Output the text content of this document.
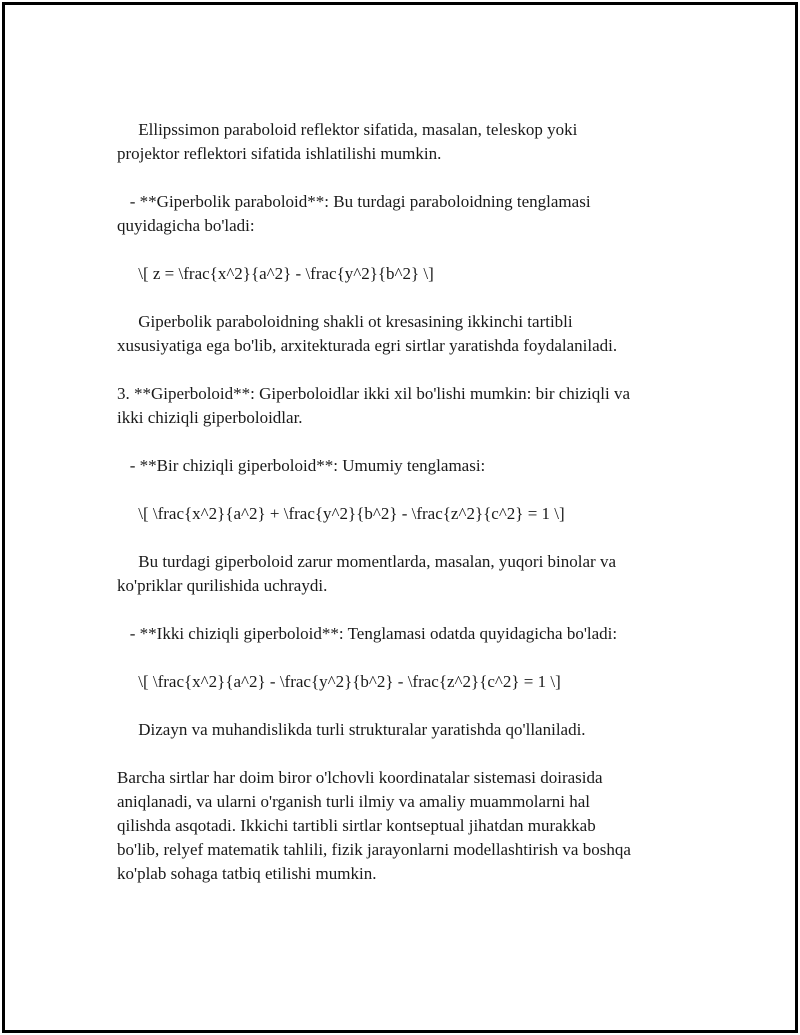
Ellipssimon paraboloid reflektor sifatida, masalan, teleskop yoki
projektor reflektori sifatida ishlatilishi mumkin.

- **Giperbolik paraboloid**: Bu turdagi paraboloidning tenglamasi
quyidagicha bo'ladi:

\[ z = \frac{x^2}{a^2} - \frac{y^2}{b^2} \]

Giperbolik paraboloidning shakli ot kresasining ikkinchi tartibli
xususiyatiga ega bo'lib, arxitekturada egri sirtlar yaratishda foydalaniladi.

3. **Giperboloid**: Giperboloidlar ikki xil bo'lishi mumkin: bir chiziqli va
ikki chiziqli giperboloidlar.

- **Bir chiziqli giperboloid**: Umumiy tenglamasi:

\[ \frac{x^2}{a^2} + \frac{y^2}{b^2} - \frac{z^2}{c^2} = 1 \]

Bu turdagi giperboloid zarur momentlarda, masalan, yuqori binolar va
ko'priklar qurilishida uchraydi.

- **Ikki chiziqli giperboloid**: Tenglamasi odatda quyidagicha bo'ladi:

\[ \frac{x^2}{a^2} - \frac{y^2}{b^2} - \frac{z^2}{c^2} = 1 \]

Dizayn va muhandislikda turli strukturalar yaratishda qo'llaniladi.

Barcha sirtlar har doim biror o'lchovli koordinatalar sistemasi doirasida
aniqlanadi, va ularni o'rganish turli ilmiy va amaliy muammolarni hal
qilishda asqotadi. Ikkichi tartibli sirtlar kontseptual jihatdan murakkab
bo'lib, relyef matematik tahlili, fizik jarayonlarni modellashtirish va boshqa
ko'plab sohaga tatbiq etilishi mumkin.
